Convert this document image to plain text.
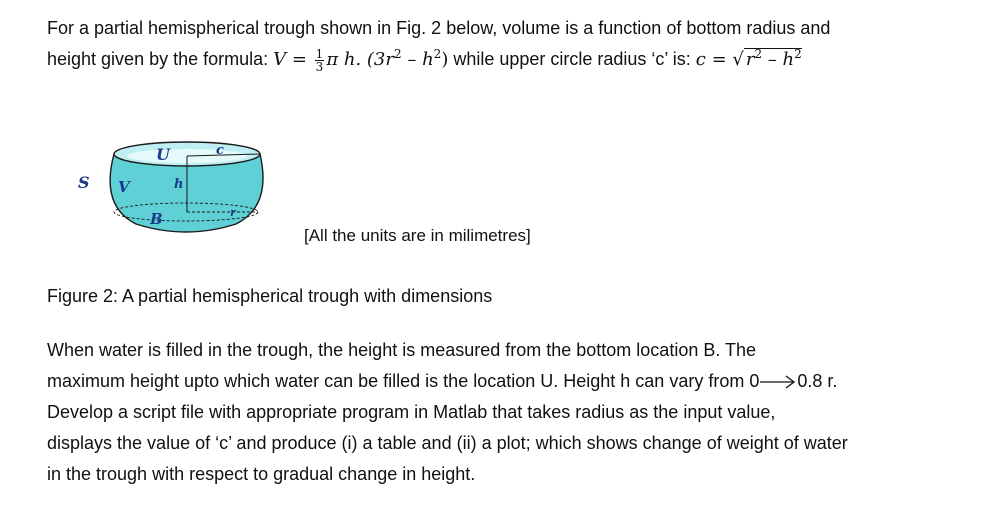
For a partial hemispherical trough shown in Fig. 2 below, volume is a function of bottom radius and
height given by the formula: $V = \frac{1}{3}$ π h. $(3r^2 - h^2)$ while upper circle radius ‘c’ is: c = √ $r^2 - h^2$

S
U	c
V	h
B	r
[All the units are in milimetres]
Figure 2: A partial hemispherical trough with dimensions

When water is filled in the trough, the height is measured from the bottom location B. The
maximum height upto which water can be filled is the location U. Height h can vary from 0 0.8 r.
Develop a script file with appropriate program in Matlab that takes radius as the input value,
displays the value of ‘c’ and produce (i) a table and (ii) a plot; which shows change of weight of water
in the trough with respect to gradual change in height.
